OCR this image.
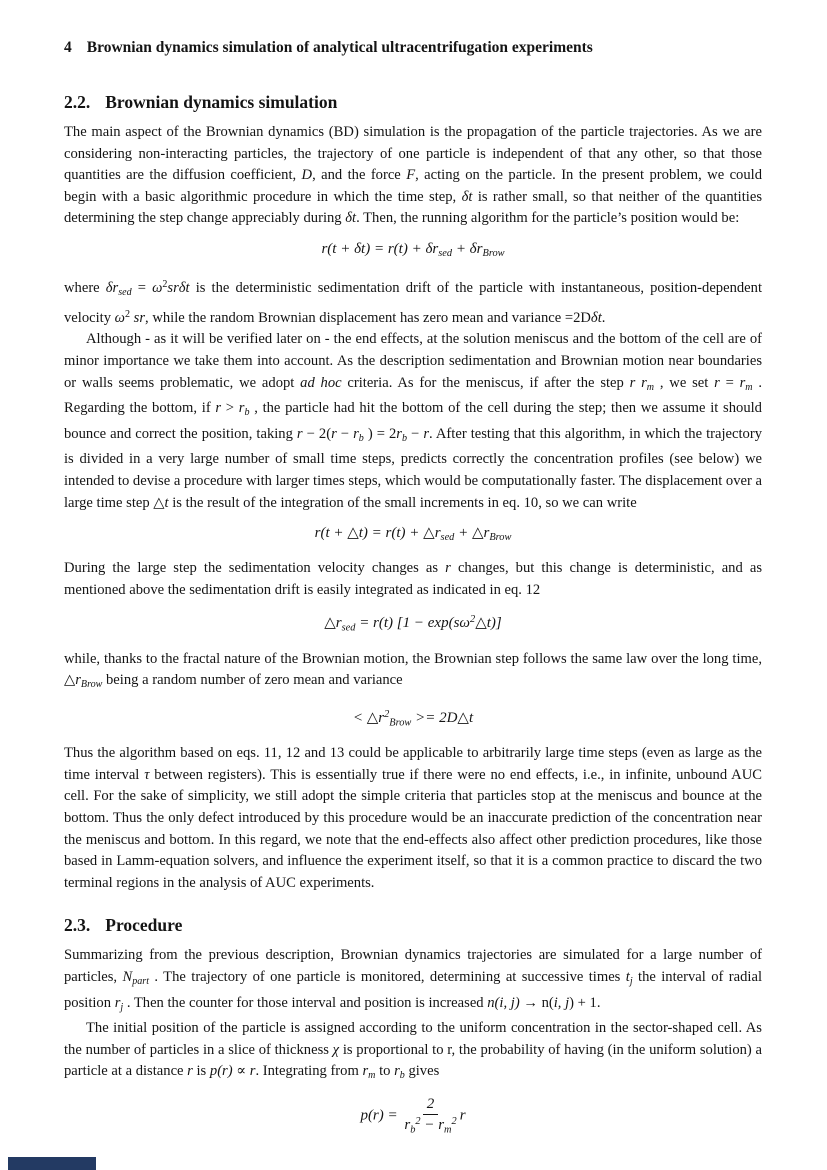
4 Brownian dynamics simulation of analytical ultracentrifugation experiments
2.2. Brownian dynamics simulation

The main aspect of the Brownian dynamics (BD) simulation is the propagation of the particle trajectories. As we are considering non-interacting particles, the trajectory of one particle is independent of that any other, so that those quantities are the diffusion coefficient, D, and the force F, acting on the particle. In the present problem, we could begin with a basic algorithmic procedure in which the time step, δt is rather small, so that neither of the quantities determining the step change appreciably during δt. Then, the running algorithm for the particle’s position would be:

$r(t + \delta t) = r(t) + \delta r_{sed} + \delta r_{Brow}$

where $\delta r_{sed} = \omega^2sr\delta t$ is the deterministic sedimentation drift of the particle with instantaneous, position-dependent velocity $\omega^2$ sr, while the random Brownian displacement has zero mean and variance =2Dδt.

Although - as it will be verified later on - the end effects, at the solution meniscus and the bottom of the cell are of minor importance we take them into account. As the description sedimentation and Brownian motion near boundaries or walls seems problematic, we adopt ad hoc criteria. As for the meniscus, if after the step r $r_m$ , we set $r = r_m$ . Regarding the bottom, if $r > r_b$ , the particle had hit the bottom of the cell during the step; then we assume it should bounce and correct the position, taking $r - 2(r - r_b$ ) = $2r_b - r$. After testing that this algorithm, in which the trajectory is divided in a very large number of small time steps, predicts correctly the concentration profiles (see below) we intended to devise a procedure with larger times steps, which would be computationally faster. The displacement over a large time step △t is the result of the integration of the small increments in eq. 10, so we can write

r(t + △t) = $r(t) + \triangle r_{sed}$ + $\triangle r_{Brow}$

During the large step the sedimentation velocity changes as r changes, but this change is deterministic, and as mentioned above the sedimentation drift is easily integrated as indicated in eq. 12

$\triangle r_{sed} = r(t) [1$ − $\exp(s\omega^2\triangle t)$]

while, thanks to the fractal nature of the Brownian motion, the Brownian step follows the same law over the long time, $\triangle r_{Brow}$ being a random number of zero mean and variance

< $\triangle r^2_{Brow}$ >= 2D△t

Thus the algorithm based on eqs. 11, 12 and 13 could be applicable to arbitrarily large time steps (even as large as the time interval τ between registers). This is essentially true if there were no end effects, i.e., in infinite, unbound AUC cell. For the sake of simplicity, we still adopt the simple criteria that particles stop at the meniscus and bounce at the bottom. Thus the only defect introduced by this procedure would be an inaccurate prediction of the concentration near the meniscus and bottom. In this regard, we note that the end-effects also affect other prediction procedures, like those based in Lamm-equation solvers, and influence the experiment itself, so that it is a common practice to discard the two terminal regions in the analysis of AUC experiments.

2.3. Procedure

Summarizing from the previous description, Brownian dynamics trajectories are simulated for a large number of particles, $N_{part}$ . The trajectory of one particle is monitored, determining at successive times $t_j$ the interval of radial position $r_j$ . Then the counter for those interval and position is increased n(i, j) → n(i, j) + 1.

The initial position of the particle is assigned according to the uniform concentration in the sector-shaped cell. As the number of particles in a slice of thickness χ is proportional to r, the probability of having (in the uniform solution) a particle at a distance r is p(r) ∝ r. Integrating from $r_m$ to $r_b$ gives

$p(r) = \frac{2}{r_b^2 - r_m^2}$ r
